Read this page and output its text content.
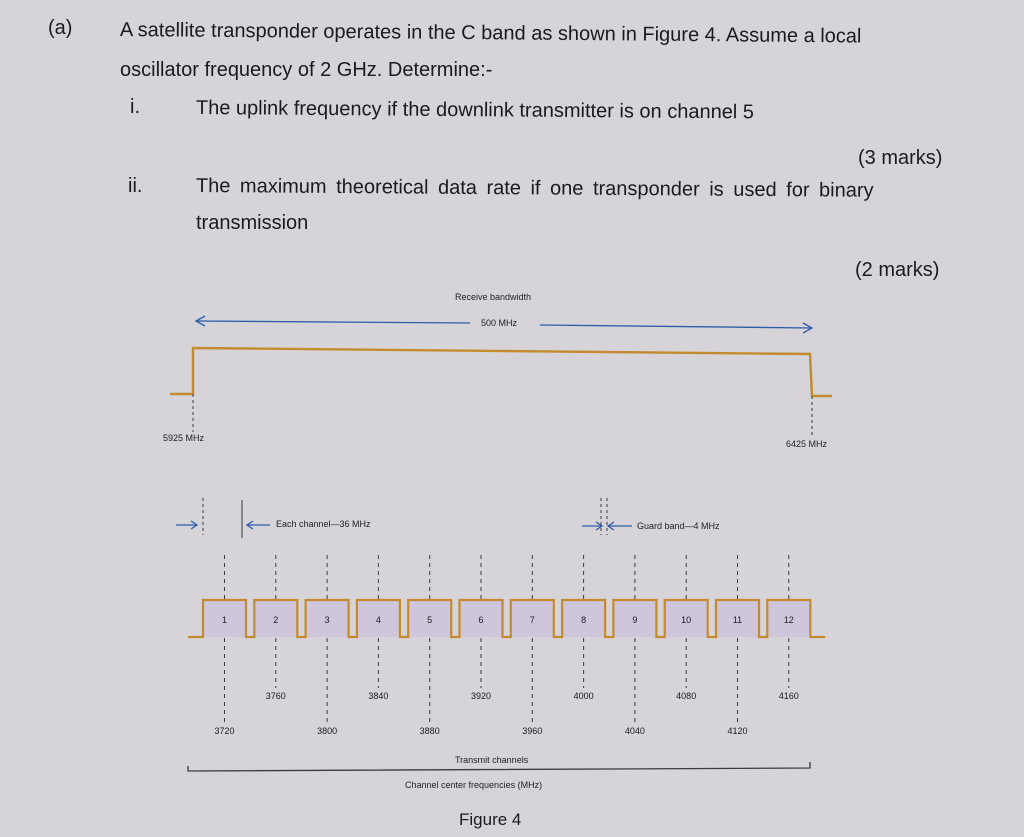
(a) A satellite transponder operates in the C band as shown in Figure 4. Assume a local
oscillator frequency of 2 GHz. Determine:-
i.	The uplink frequency if the downlink transmitter is on channel 5
(3 marks)
ii.	The maximum theoretical data rate if one transponder is used for binary
transmission
(2 marks)
Receive bandwidth
500 MHz
5925 MHz
6425 MHz
Each channel—36 MHz	Guard band—4 MHz
1	2	3	4	5	6	7	8	9	10	11	12
3720
3760
3800
3840
3880
3920
3960
4000
4040
4080
4120
4160
Transmit channels
Channel center frequencies (MHz)
Figure 4
